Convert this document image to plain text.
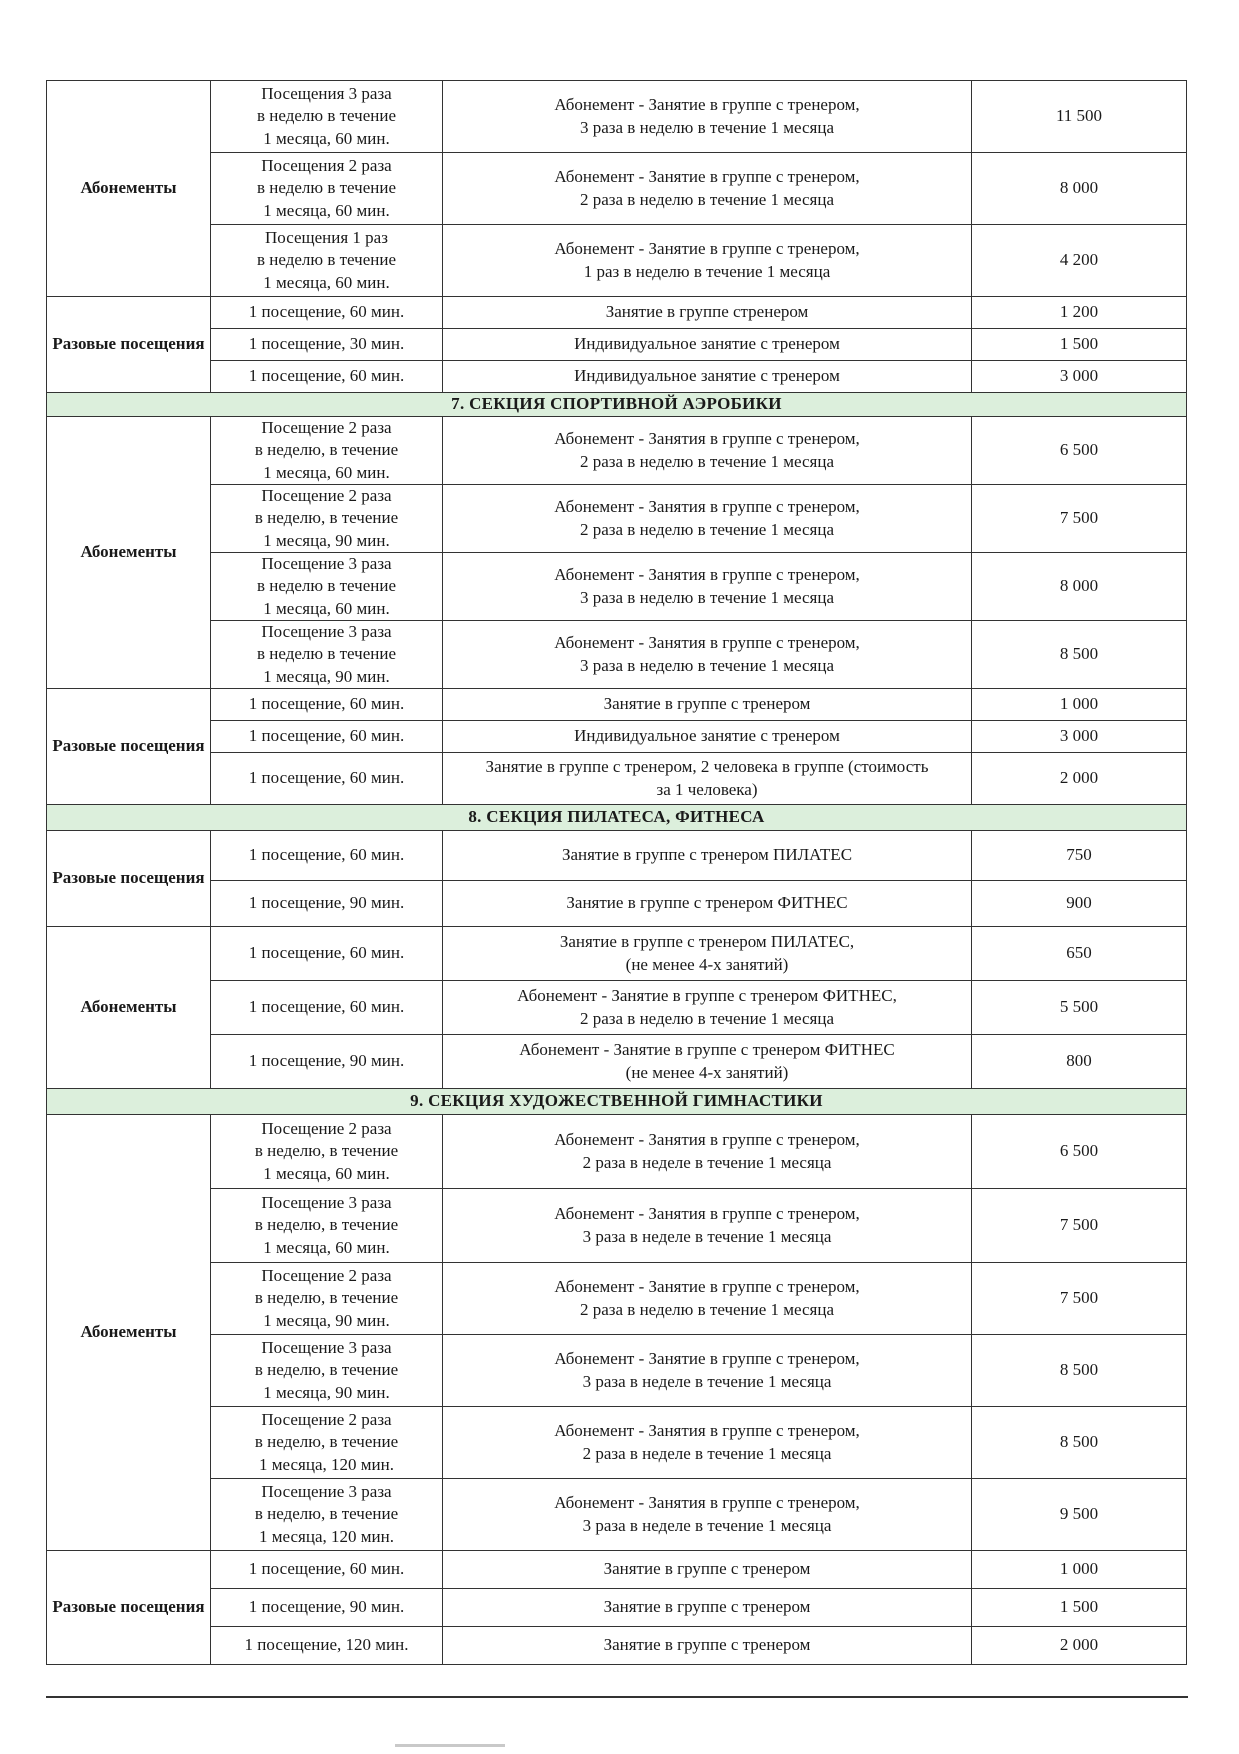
Абонементы	Посещения 3 раза
в неделю в течение
1 месяца, 60 мин.	Абонемент - Занятие в группе с тренером,
3 раза в неделю в течение 1 месяца	11 500

	Посещения 2 раза
в неделю в течение
1 месяца, 60 мин.	Абонемент - Занятие в группе с тренером,
2 раза в неделю в течение 1 месяца	8 000

	Посещения 1 раз
в неделю в течение
1 месяца, 60 мин.	Абонемент - Занятие в группе с тренером,
1 раз в неделю в течение 1 месяца	4 200
Разовые посещения	1 посещение, 60 мин.	Занятие в группе стренером	1 200

	1 посещение, 30 мин.	Индивидуальное занятие с тренером	1 500

	1 посещение, 60 мин.	Индивидуальное занятие с тренером	3 000
7. СЕКЦИЯ СПОРТИВНОЙ АЭРОБИКИ			
Абонементы	Посещение 2 раза
в неделю, в течение
1 месяца, 60 мин.	Абонемент - Занятия в группе с тренером,
2 раза в неделю в течение 1 месяца	6 500

	Посещение 2 раза
в неделю, в течение
1 месяца, 90 мин.	Абонемент - Занятия в группе с тренером,
2 раза в неделю в течение 1 месяца	7 500

	Посещение 3 раза
в неделю в течение
1 месяца, 60 мин.	Абонемент - Занятия в группе с тренером,
3 раза в неделю в течение 1 месяца	8 000

	Посещение 3 раза
в неделю в течение
1 месяца, 90 мин.	Абонемент - Занятия в группе с тренером,
3 раза в неделю в течение 1 месяца	8 500
Разовые посещения	1 посещение, 60 мин.	Занятие в группе с тренером	1 000

	1 посещение, 60 мин.	Индивидуальное занятие с тренером	3 000

	1 посещение, 60 мин.	Занятие в группе с тренером, 2 человека в группе (стоимость
за 1 человека)	2 000
8. СЕКЦИЯ ПИЛАТЕСА, ФИТНЕСА			
Разовые посещения	1 посещение, 60 мин.	Занятие в группе с тренером ПИЛАТЕС	750

	1 посещение, 90 мин.	Занятие в группе с тренером ФИТНЕС	900
Абонементы	1 посещение, 60 мин.	Занятие в группе с тренером ПИЛАТЕС,
(не менее 4-х занятий)	650

	1 посещение, 60 мин.	Абонемент - Занятие в группе с тренером ФИТНЕС,
2 раза в неделю в течение 1 месяца	5 500

	1 посещение, 90 мин.	Абонемент - Занятие в группе с тренером ФИТНЕС
(не менее 4-х занятий)	800
9. СЕКЦИЯ ХУДОЖЕСТВЕННОЙ ГИМНАСТИКИ			
Абонементы	Посещение 2 раза
в неделю, в течение
1 месяца, 60 мин.	Абонемент - Занятия в группе с тренером,
2 раза в неделе в течение 1 месяца	6 500

	Посещение 3 раза
в неделю, в течение
1 месяца, 60 мин.	Абонемент - Занятия в группе с тренером,
3 раза в неделе в течение 1 месяца	7 500

	Посещение 2 раза
в неделю, в течение
1 месяца, 90 мин.	Абонемент - Занятие в группе с тренером,
2 раза в неделю в течение 1 месяца	7 500

	Посещение 3 раза
в неделю, в течение
1 месяца, 90 мин.	Абонемент - Занятие в группе с тренером,
3 раза в неделе в течение 1 месяца	8 500

	Посещение 2 раза
в неделю, в течение
1 месяца, 120 мин.	Абонемент - Занятия в группе с тренером,
2 раза в неделе в течение 1 месяца	8 500

	Посещение 3 раза
в неделю, в течение
1 месяца, 120 мин.	Абонемент - Занятия в группе с тренером,
3 раза в неделе в течение 1 месяца	9 500
Разовые посещения	1 посещение, 60 мин.	Занятие в группе с тренером	1 000

	1 посещение, 90 мин.	Занятие в группе с тренером	1 500

	1 посещение, 120 мин.	Занятие в группе с тренером	2 000
